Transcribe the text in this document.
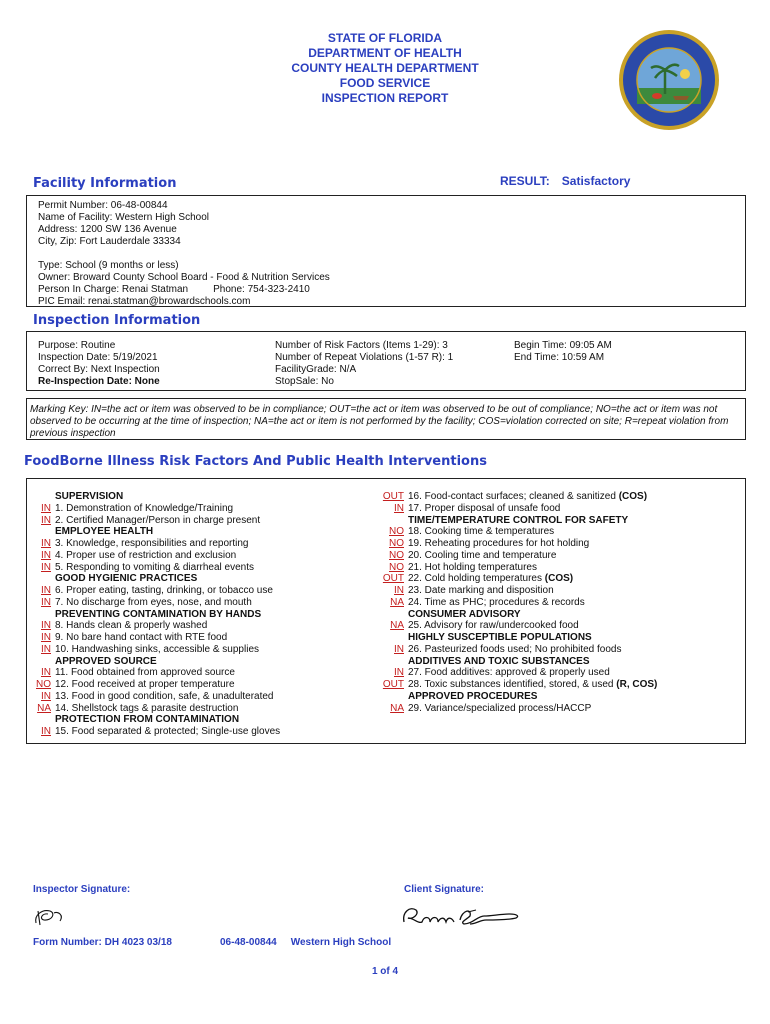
STATE OF FLORIDA
DEPARTMENT OF HEALTH
COUNTY HEALTH DEPARTMENT
FOOD SERVICE
INSPECTION REPORT
Facility Information	RESULT: Satisfactory
Permit Number: 06-48-00844
Name of Facility: Western High School
Address: 1200 SW 136 Avenue
City, Zip: Fort Lauderdale 33334
Type: School (9 months or less)
Owner: Broward County School Board - Food & Nutrition Services
Person In Charge: Renai Statman	Phone: 754-323-2410
PIC Email: renai.statman@browardschools.com
Inspection Information
Purpose: Routine
Inspection Date: 5/19/2021
Correct By: Next Inspection
Re-Inspection Date: None
Number of Risk Factors (Items 1-29): 3
Number of Repeat Violations (1-57 R): 1
FacilityGrade: N/A
StopSale: No
Begin Time: 09:05 AM
End Time: 10:59 AM
Marking Key: IN=the act or item was observed to be in compliance; OUT=the act or item was observed to be out of compliance; NO=the act or item was not observed to be occurring at the time of inspection; NA=the act or item is not performed by the facility; COS=violation corrected on site; R=repeat violation from previous inspection
FoodBorne Illness Risk Factors And Public Health Interventions
SUPERVISION
IN 1. Demonstration of Knowledge/Training
IN 2. Certified Manager/Person in charge present
EMPLOYEE HEALTH
IN 3. Knowledge, responsibilities and reporting
IN 4. Proper use of restriction and exclusion
IN 5. Responding to vomiting & diarrheal events
GOOD HYGIENIC PRACTICES
IN 6. Proper eating, tasting, drinking, or tobacco use
IN 7. No discharge from eyes, nose, and mouth
PREVENTING CONTAMINATION BY HANDS
IN 8. Hands clean & properly washed
IN 9. No bare hand contact with RTE food
IN 10. Handwashing sinks, accessible & supplies
APPROVED SOURCE
IN 11. Food obtained from approved source
NO 12. Food received at proper temperature
IN 13. Food in good condition, safe, & unadulterated
NA 14. Shellstock tags & parasite destruction
PROTECTION FROM CONTAMINATION
IN 15. Food separated & protected; Single-use gloves
OUT 16. Food-contact surfaces; cleaned & sanitized (COS)
IN 17. Proper disposal of unsafe food
TIME/TEMPERATURE CONTROL FOR SAFETY
NO 18. Cooking time & temperatures
NO 19. Reheating procedures for hot holding
NO 20. Cooling time and temperature
NO 21. Hot holding temperatures
OUT 22. Cold holding temperatures (COS)
IN 23. Date marking and disposition
NA 24. Time as PHC; procedures & records
CONSUMER ADVISORY
NA 25. Advisory for raw/undercooked food
HIGHLY SUSCEPTIBLE POPULATIONS
IN 26. Pasteurized foods used; No prohibited foods
ADDITIVES AND TOXIC SUBSTANCES
IN 27. Food additives: approved & properly used
OUT 28. Toxic substances identified, stored, & used (R, COS)
APPROVED PROCEDURES
NA 29. Variance/specialized process/HACCP
Inspector Signature:	Client Signature:
Form Number: DH 4023 03/18	06-48-00844 Western High School
1 of 4
